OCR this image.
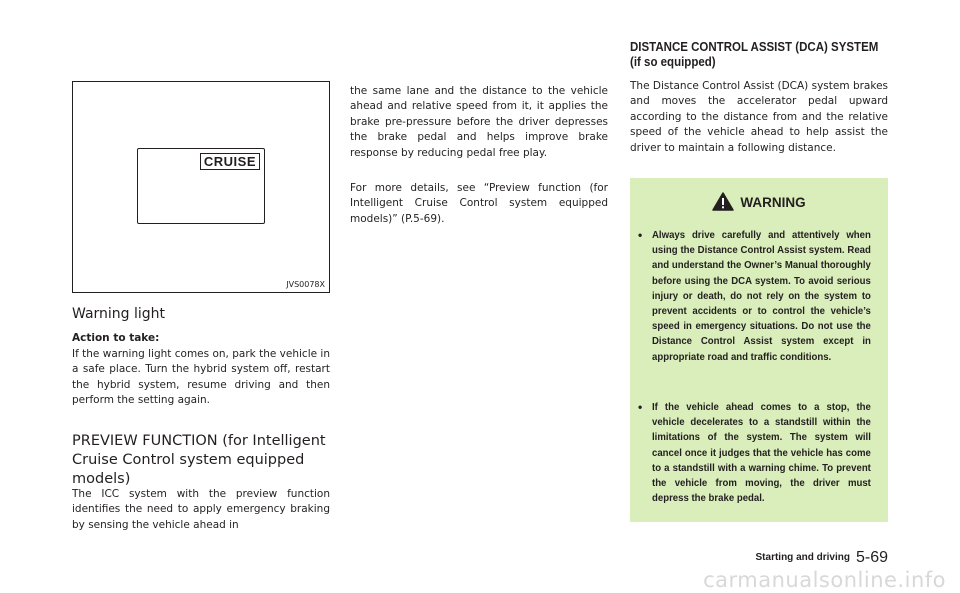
CRUISE
JVS0078X
Warning light
Action to take:

If the warning light comes on, park the vehicle in a safe place. Turn the hybrid system off, restart the hybrid system, resume driving and then perform the setting again.

PREVIEW FUNCTION (for Intelligent Cruise Control system equipped models)

The ICC system with the preview function identifies the need to apply emergency braking by sensing the vehicle ahead in

the same lane and the distance to the vehicle ahead and relative speed from it, it applies the brake pre-pressure before the driver depresses the brake pedal and helps improve brake response by reducing pedal free play.

For more details, see “Preview function (for Intelligent Cruise Control system equipped models)” (P.5-69).

DISTANCE CONTROL ASSIST (DCA) SYSTEM
(if so equipped)

The Distance Control Assist (DCA) system brakes and moves the accelerator pedal upward according to the distance from and the relative speed of the vehicle ahead to help assist the driver to maintain a following distance.

WARNING
• Always drive carefully and attentively when using the Distance Control Assist system. Read and understand the Owner’s Manual thoroughly before using the DCA system. To avoid serious injury or death, do not rely on the system to prevent accidents or to control the vehicle’s speed in emergency situations. Do not use the Distance Control Assist system except in appropriate road and traffic conditions.
• If the vehicle ahead comes to a stop, the vehicle decelerates to a standstill within the limitations of the system. The system will cancel once it judges that the vehicle has come to a standstill with a warning chime. To prevent the vehicle from moving, the driver must depress the brake pedal.
Starting and driving 5-69
carmanualsonline.info
